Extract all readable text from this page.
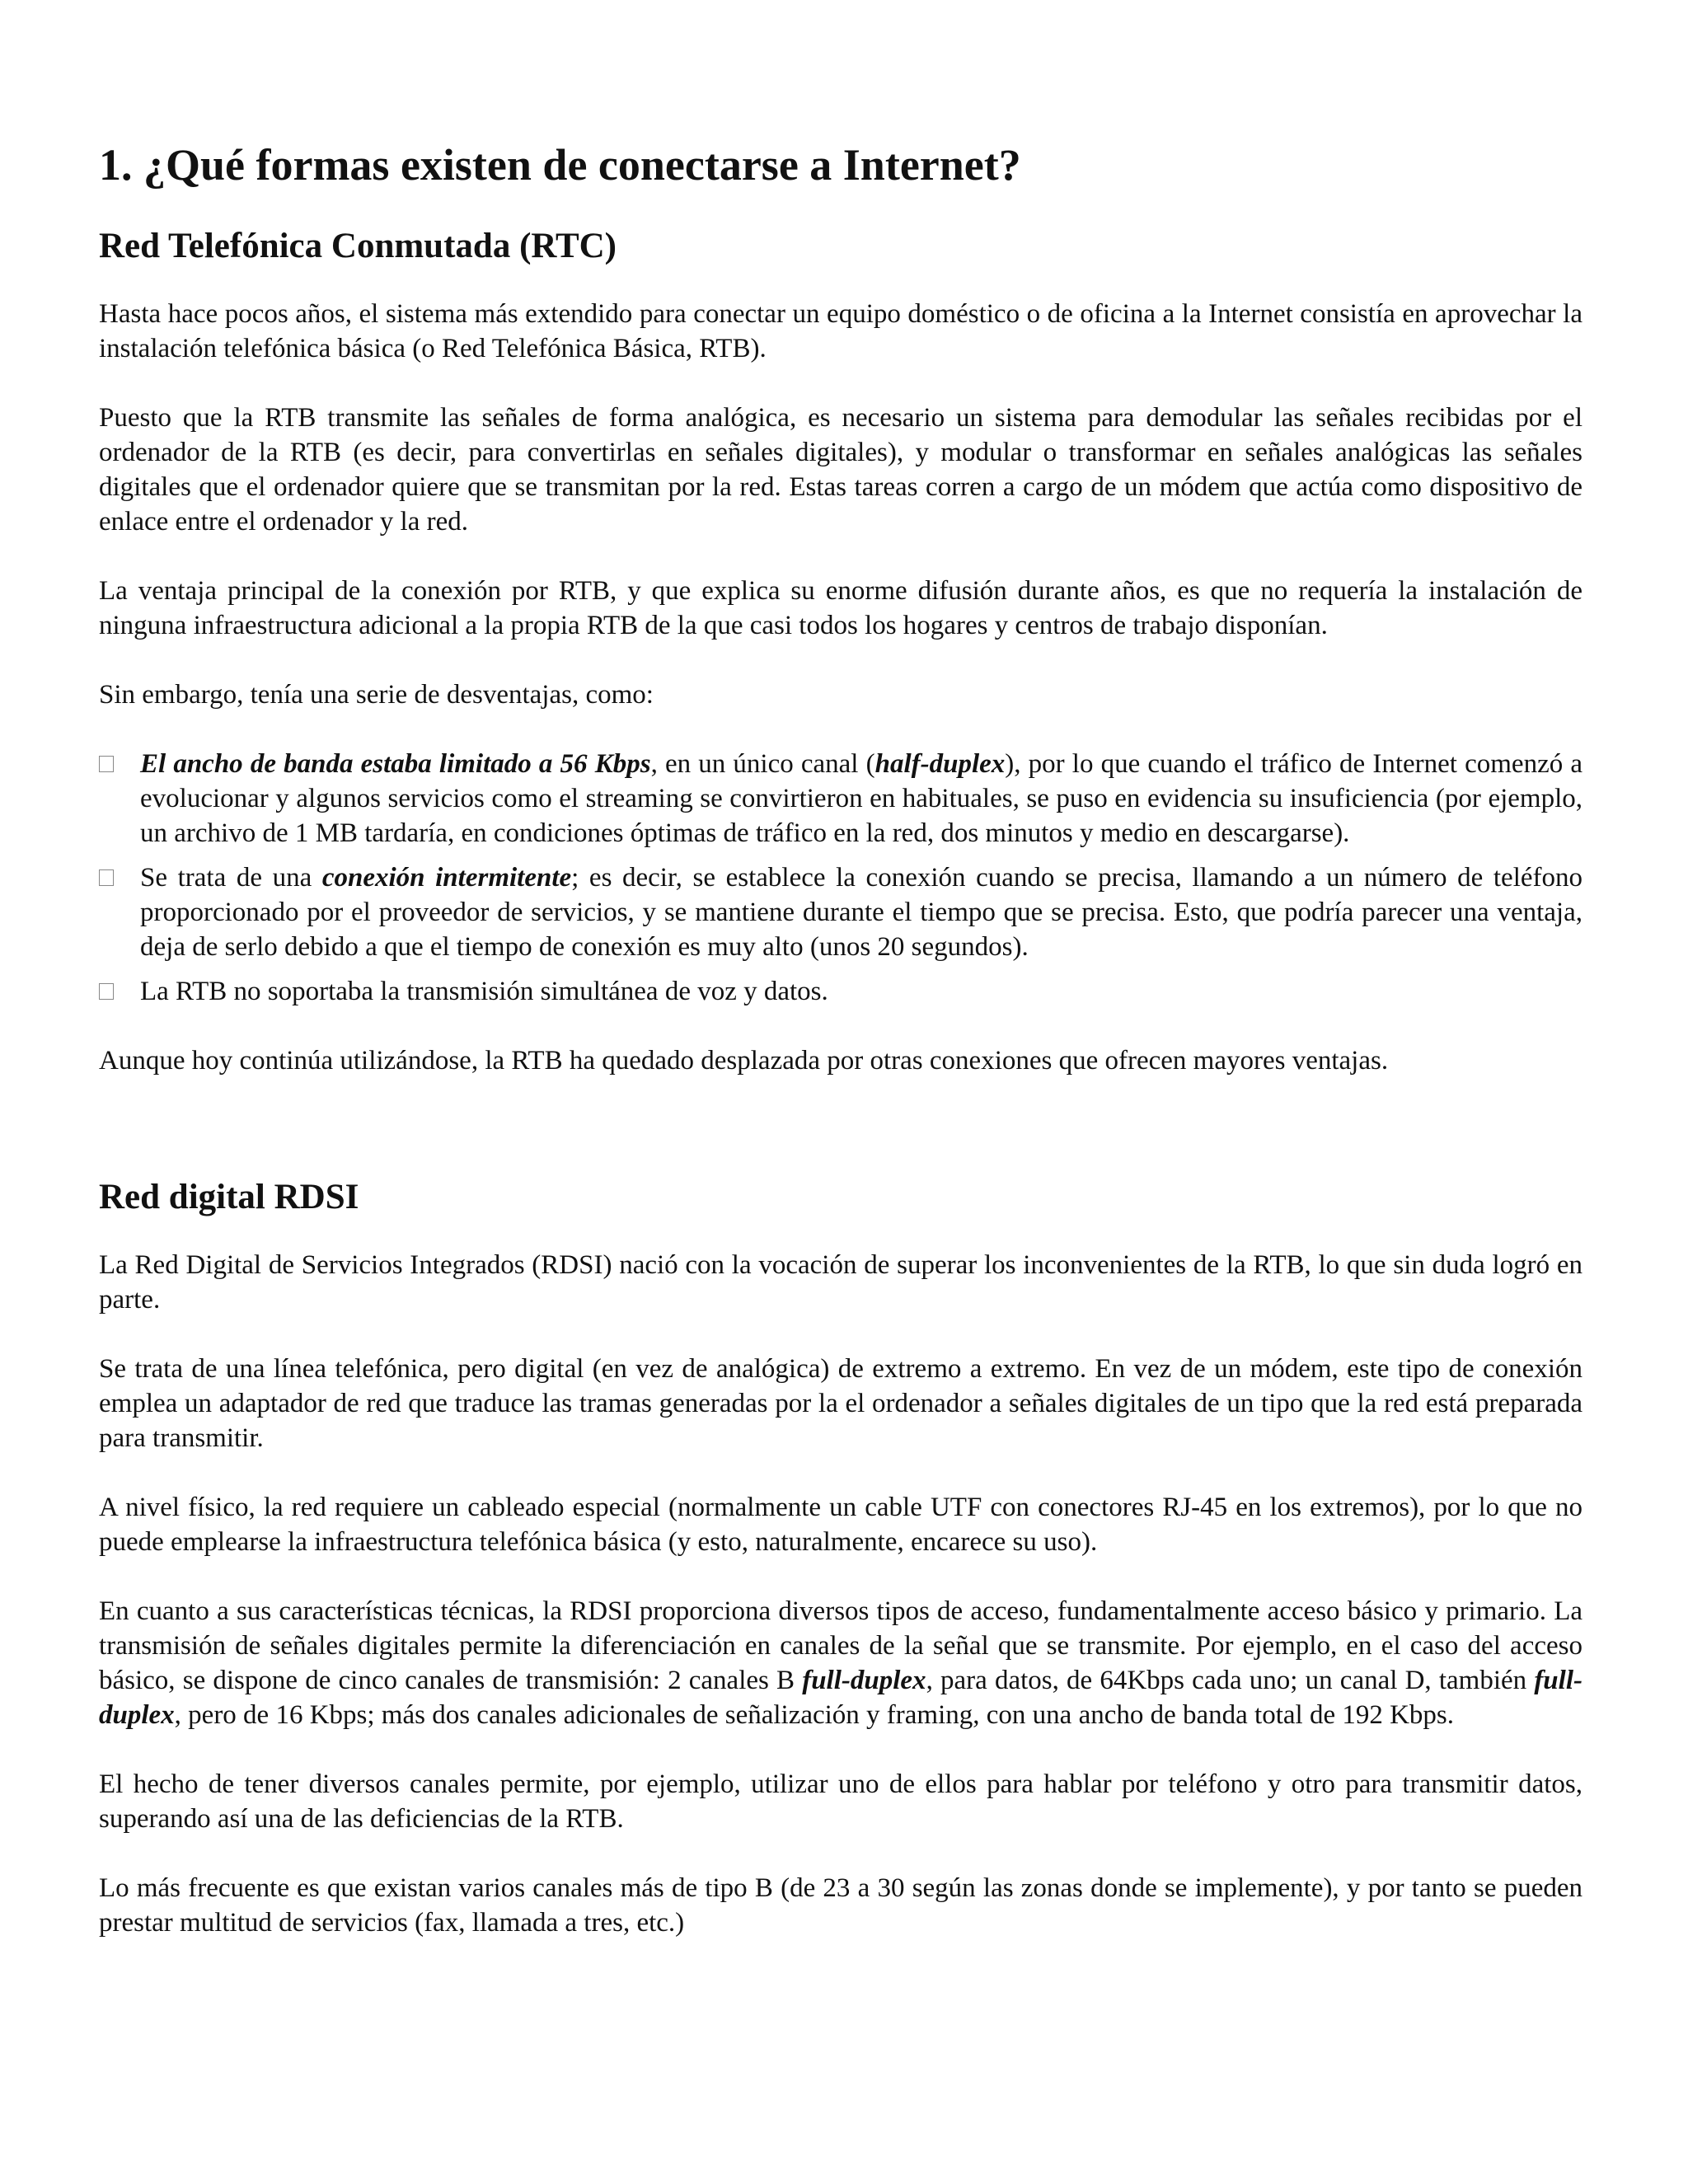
1. ¿Qué formas existen de conectarse a Internet?
Red Telefónica Conmutada (RTC)

Hasta hace pocos años, el sistema más extendido para conectar un equipo doméstico o de oficina a la Internet consistía en aprovechar la instalación telefónica básica (o Red Telefónica Básica, RTB).

Puesto que la RTB transmite las señales de forma analógica, es necesario un sistema para demodular las señales recibidas por el ordenador de la RTB (es decir, para convertirlas en señales digitales), y modular o transformar en señales analógicas las señales digitales que el ordenador quiere que se transmitan por la red. Estas tareas corren a cargo de un módem que actúa como dispositivo de enlace entre el ordenador y la red.

La ventaja principal de la conexión por RTB, y que explica su enorme difusión durante años, es que no requería la instalación de ninguna infraestructura adicional a la propia RTB de la que casi todos los hogares y centros de trabajo disponían.

Sin embargo, tenía una serie de desventajas, como:

El ancho de banda estaba limitado a 56 Kbps, en un único canal (half-duplex), por lo que cuando el tráfico de Internet comenzó a evolucionar y algunos servicios como el streaming se convirtieron en habituales, se puso en evidencia su insuficiencia (por ejemplo, un archivo de 1 MB tardaría, en condiciones óptimas de tráfico en la red, dos minutos y medio en descargarse).
Se trata de una conexión intermitente; es decir, se establece la conexión cuando se precisa, llamando a un número de teléfono proporcionado por el proveedor de servicios, y se mantiene durante el tiempo que se precisa. Esto, que podría parecer una ventaja, deja de serlo debido a que el tiempo de conexión es muy alto (unos 20 segundos).
La RTB no soportaba la transmisión simultánea de voz y datos.

Aunque hoy continúa utilizándose, la RTB ha quedado desplazada por otras conexiones que ofrecen mayores ventajas.

Red digital RDSI

La Red Digital de Servicios Integrados (RDSI) nació con la vocación de superar los inconvenientes de la RTB, lo que sin duda logró en parte.

Se trata de una línea telefónica, pero digital (en vez de analógica) de extremo a extremo. En vez de un módem, este tipo de conexión emplea un adaptador de red que traduce las tramas generadas por la el ordenador a señales digitales de un tipo que la red está preparada para transmitir.

A nivel físico, la red requiere un cableado especial (normalmente un cable UTF con conectores RJ-45 en los extremos), por lo que no puede emplearse la infraestructura telefónica básica (y esto, naturalmente, encarece su uso).

En cuanto a sus características técnicas, la RDSI proporciona diversos tipos de acceso, fundamentalmente acceso básico y primario. La transmisión de señales digitales permite la diferenciación en canales de la señal que se transmite. Por ejemplo, en el caso del acceso básico, se dispone de cinco canales de transmisión: 2 canales B full-duplex, para datos, de 64Kbps cada uno; un canal D, también full-duplex, pero de 16 Kbps; más dos canales adicionales de señalización y framing, con una ancho de banda total de 192 Kbps.

El hecho de tener diversos canales permite, por ejemplo, utilizar uno de ellos para hablar por teléfono y otro para transmitir datos, superando así una de las deficiencias de la RTB.

Lo más frecuente es que existan varios canales más de tipo B (de 23 a 30 según las zonas donde se implemente), y por tanto se pueden prestar multitud de servicios (fax, llamada a tres, etc.)
